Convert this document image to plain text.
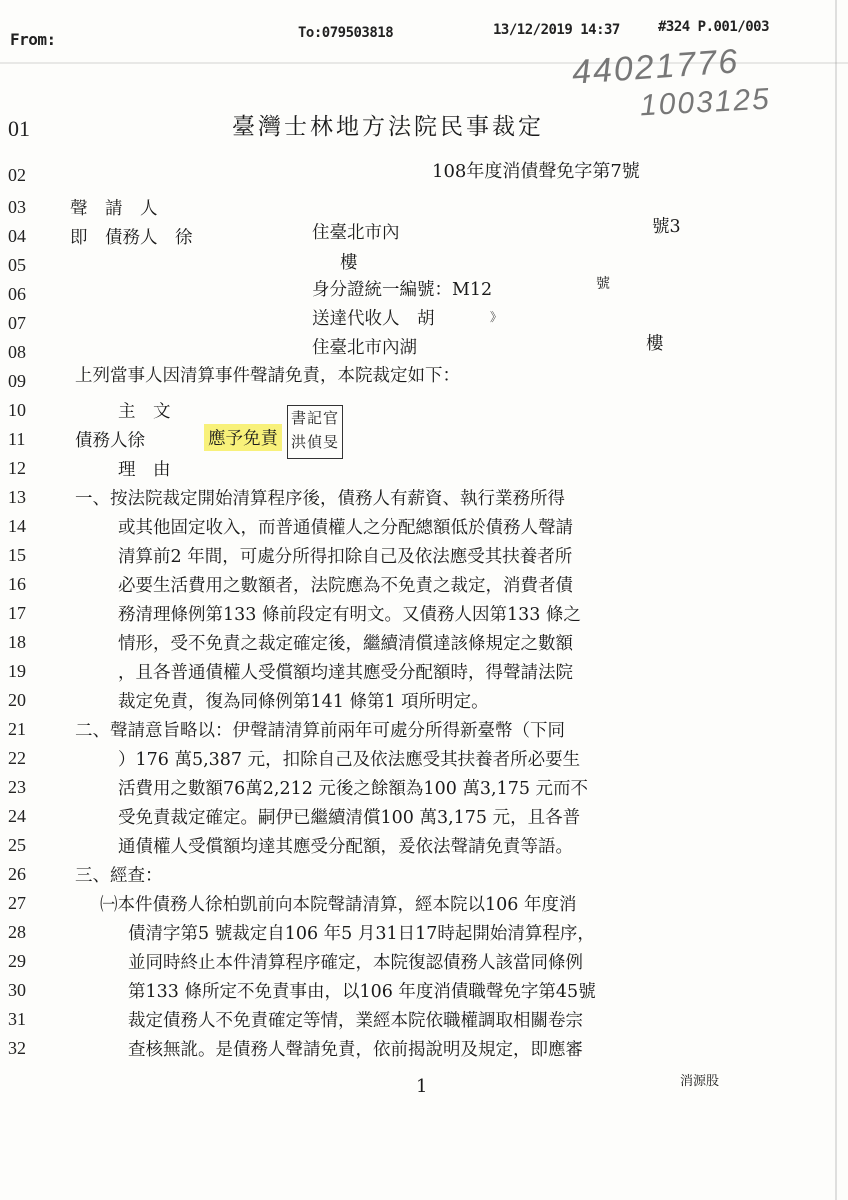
From:	To:079503818	13/12/2019 14:37	#324 P.001/003
44021776
1003125
臺灣士林地方法院民事裁定
108年度消債聲免字第7號
01
02
03
04
05
06
07
08
09
10
11
12
13
14
15
16
17
18
19
20
21
22
23
24
25
26
27
28
29
30
31
32
聲　請　人
即　債務人　徐	住臺北市內	號3
樓
身分證統一編號：M12	號
送達代收人　胡	》
住臺北市內湖	樓
上列當事人因清算事件聲請免責，本院裁定如下：
主　文
債務人徐	應予免責
書記官
洪偵旻
理　由
一、按法院裁定開始清算程序後，債務人有薪資、執行業務所得
或其他固定收入，而普通債權人之分配總額低於債務人聲請
清算前2 年間，可處分所得扣除自己及依法應受其扶養者所
必要生活費用之數額者，法院應為不免責之裁定，消費者債
務清理條例第133 條前段定有明文。又債務人因第133 條之
情形，受不免責之裁定確定後，繼續清償達該條規定之數額
，且各普通債權人受償額均達其應受分配額時，得聲請法院
裁定免責，復為同條例第141 條第1 項所明定。
二、聲請意旨略以：伊聲請清算前兩年可處分所得新臺幣（下同
）176 萬5,387 元，扣除自己及依法應受其扶養者所必要生
活費用之數額76萬2,212 元後之餘額為100 萬3,175 元而不
受免責裁定確定。嗣伊已繼續清償100 萬3,175 元，且各普
通債權人受償額均達其應受分配額，爰依法聲請免責等語。
三、經查：
㈠本件債務人徐柏凱前向本院聲請清算，經本院以106 年度消
債清字第5 號裁定自106 年5 月31日17時起開始清算程序，
並同時終止本件清算程序確定，本院復認債務人該當同條例
第133 條所定不免責事由，以106 年度消債職聲免字第45號
裁定債務人不免責確定等情，業經本院依職權調取相關卷宗
查核無訛。是債務人聲請免責，依前揭說明及規定，即應審
1	消源股
